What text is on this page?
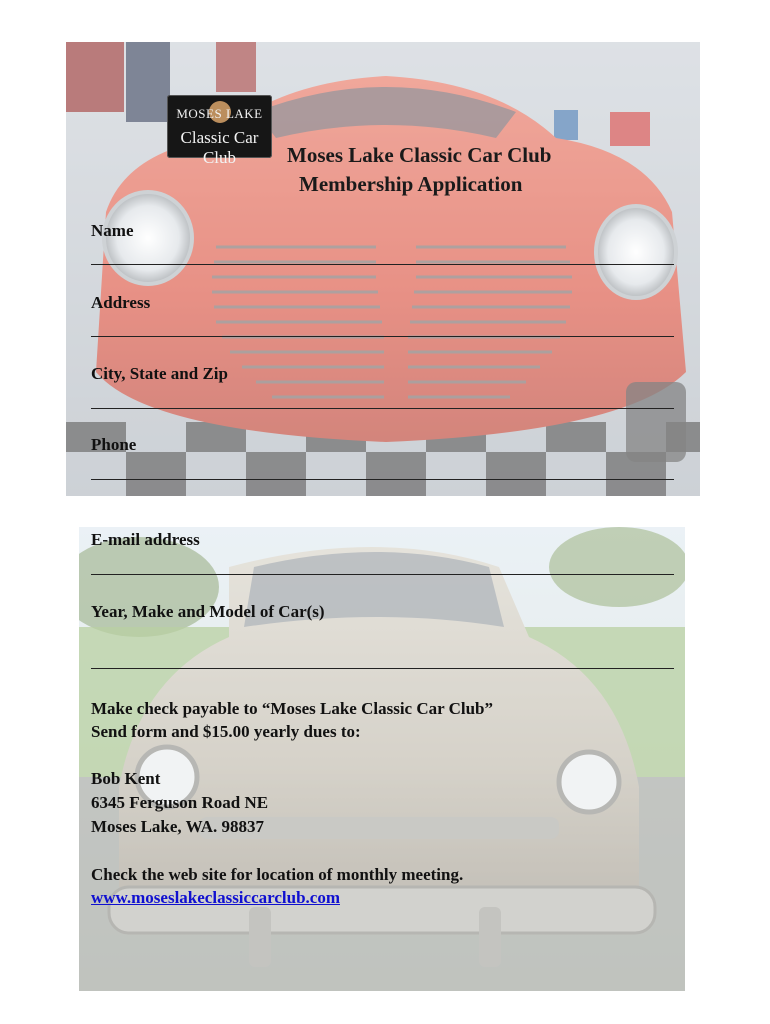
MOSES LAKE
Classic Car Club	Moses Lake Classic Car Club
Membership Application
Name
Address
City, State and Zip
Phone
E-mail address
Year, Make and Model of Car(s)
Make check payable to “Moses Lake Classic Car Club”
Send form and $15.00 yearly dues to:
Bob Kent
6345 Ferguson Road NE
Moses Lake, WA. 98837
Check the web site for location of monthly meeting.
www.moseslakeclassiccarclub.com
